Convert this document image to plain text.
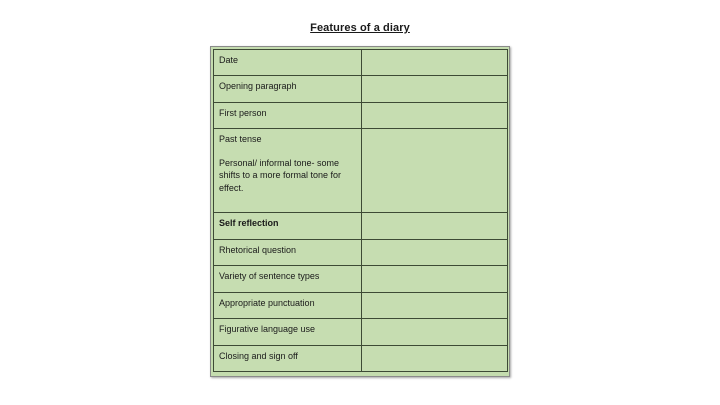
Features of a diary
Date	

Opening paragraph	

First person	

Past tense
Personal/ informal tone- some
shifts to a more formal tone for
effect.	

Self reflection	

Rhetorical question	

Variety of sentence types	

Appropriate punctuation	

Figurative language use	

Closing and sign off	
